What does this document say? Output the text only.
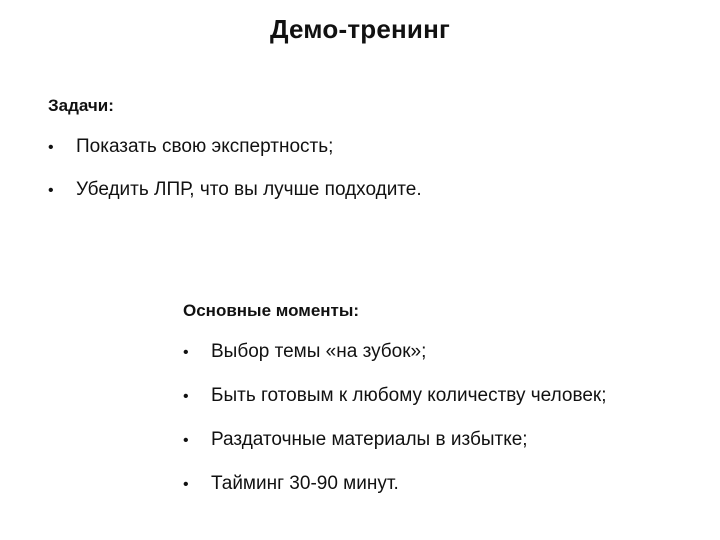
Демо-тренинг
Задачи:
•	Показать свою экспертность;
•	Убедить ЛПР, что вы лучше подходите.
Основные моменты:
•	Выбор темы «на зубок»;
•	Быть готовым к любому количеству человек;
•	Раздаточные материалы в избытке;
•	Тайминг 30-90 минут.
